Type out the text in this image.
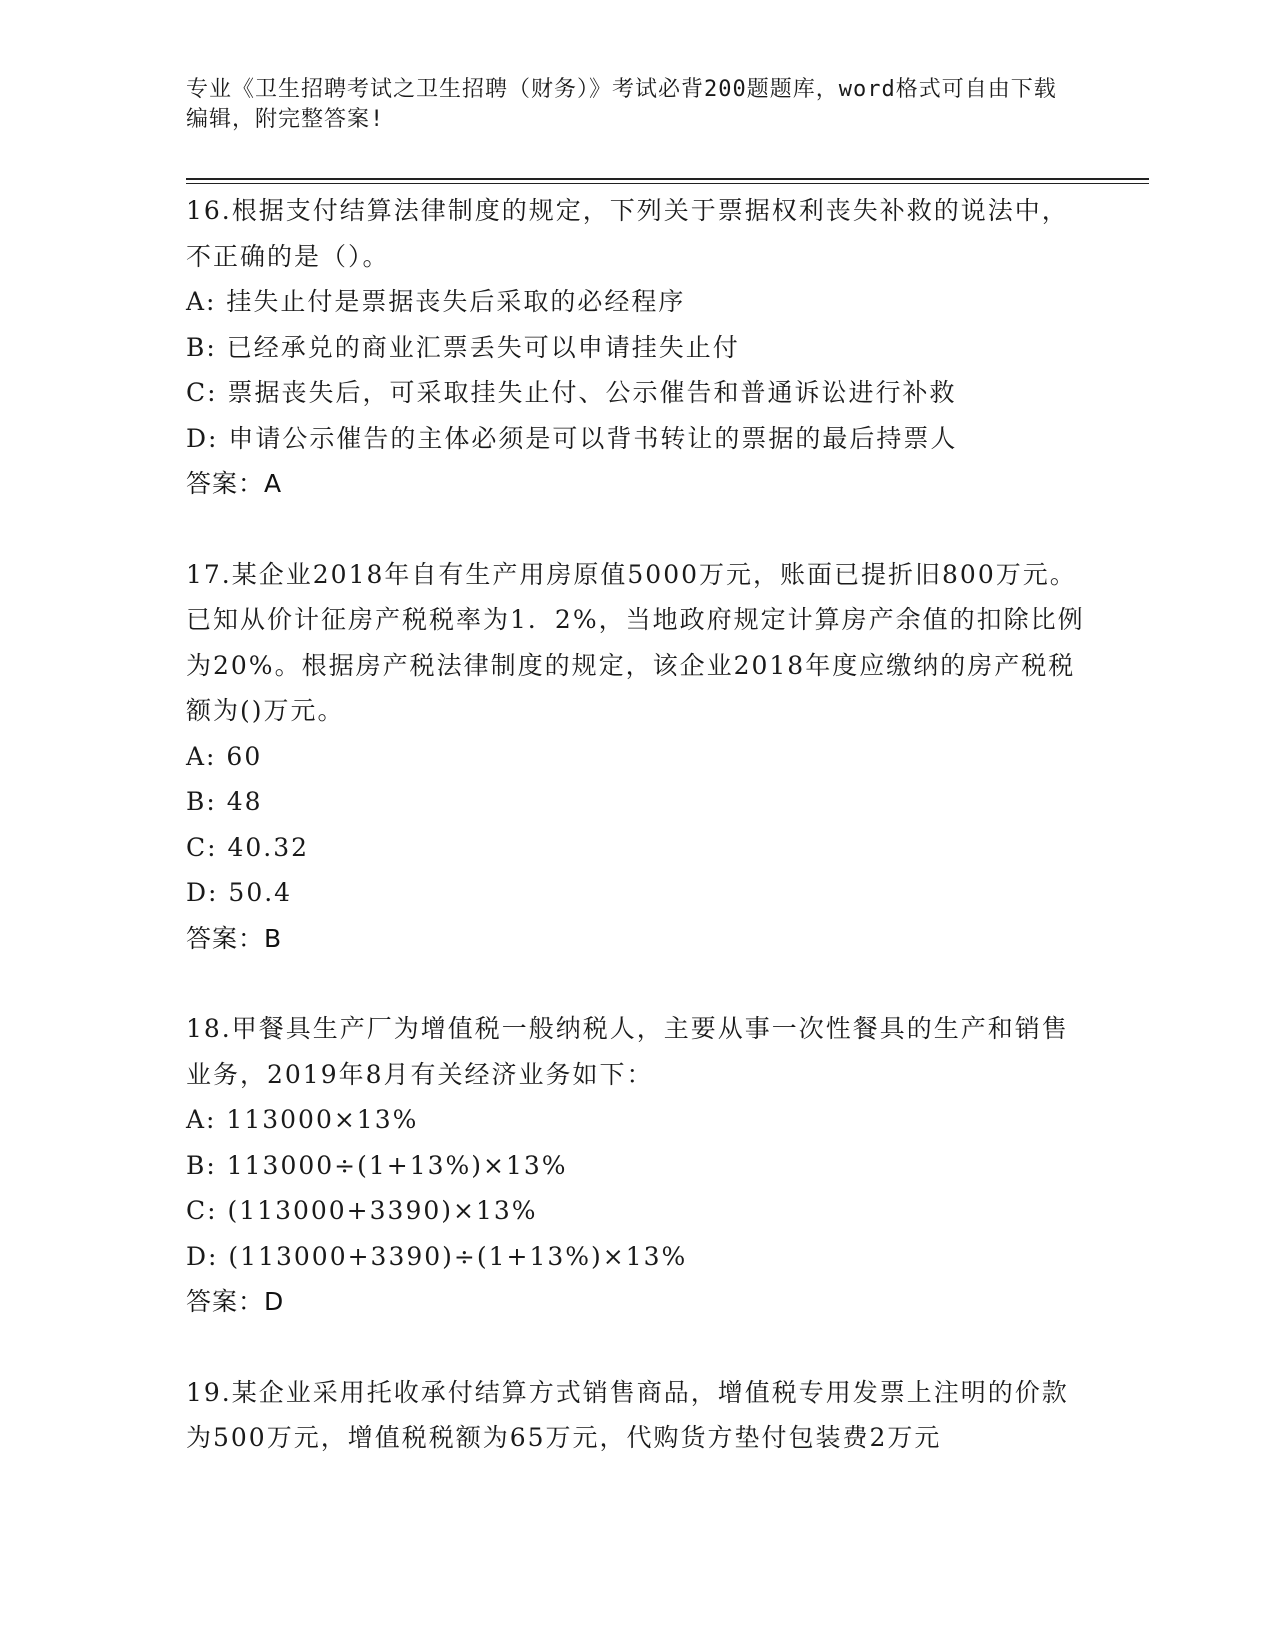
专业《卫生招聘考试之卫生招聘（财务）》考试必背200题题库，word格式可自由下载编辑，附完整答案!

16.根据支付结算法律制度的规定，下列关于票据权利丧失补救的说法中，不正确的是（）。

A: 挂失止付是票据丧失后采取的必经程序

B: 已经承兑的商业汇票丢失可以申请挂失止付

C: 票据丧失后，可采取挂失止付、公示催告和普通诉讼进行补救

D: 申请公示催告的主体必须是可以背书转让的票据的最后持票人

答案：A

17.某企业2018年自有生产用房原值5000万元，账面已提折旧800万元。已知从价计征房产税税率为1．2%，当地政府规定计算房产余值的扣除比例为20%。根据房产税法律制度的规定，该企业2018年度应缴纳的房产税税额为()万元。

A: 60

B: 48

C: 40.32

D: 50.4

答案：B

18.甲餐具生产厂为增值税一般纳税人，主要从事一次性餐具的生产和销售业务，2019年8月有关经济业务如下：

A: 113000×13%

B: 113000÷(1+13%)×13%

C: (113000+3390)×13%

D: (113000+3390)÷(1+13%)×13%

答案：D

19.某企业采用托收承付结算方式销售商品，增值税专用发票上注明的价款为500万元，增值税税额为65万元，代购货方垫付包装费2万元
